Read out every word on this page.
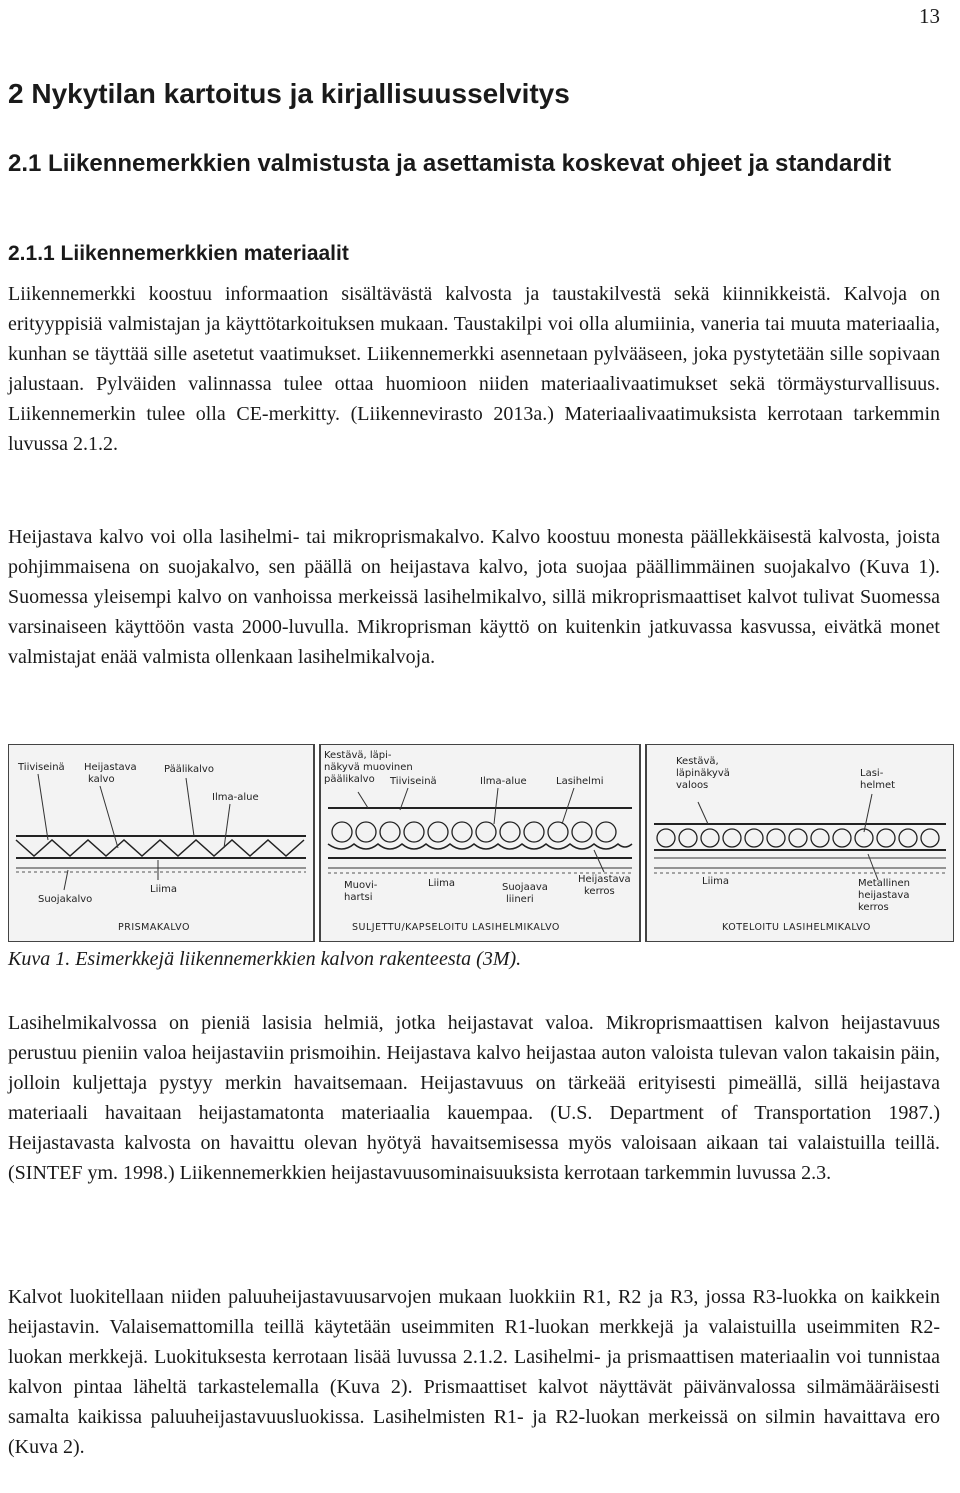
13
2 Nykytilan kartoitus ja kirjallisuusselvitys
2.1 Liikennemerkkien valmistusta ja asettamista koskevat ohjeet ja standardit
2.1.1 Liikennemerkkien materiaalit

Liikennemerkki koostuu informaation sisältävästä kalvosta ja taustakilvestä sekä kiinnikkeistä. Kalvoja on erityyppisiä valmistajan ja käyttötarkoituksen mukaan. Taustakilpi voi olla alumiinia, vaneria tai muuta materiaalia, kunhan se täyttää sille asetetut vaatimukset. Liikennemerkki asennetaan pylvääseen, joka pystytetään sille sopivaan jalustaan. Pylväiden valinnassa tulee ottaa huomioon niiden materiaalivaatimukset sekä törmäysturvallisuus. Liikennemerkin tulee olla CE-merkitty. (Liikennevirasto 2013a.) Materiaalivaatimuksista kerrotaan tarkemmin luvussa 2.1.2.

Heijastava kalvo voi olla lasihelmi- tai mikroprismakalvo. Kalvo koostuu monesta päällekkäisestä kalvosta, joista pohjimmaisena on suojakalvo, sen päällä on heijastava kalvo, jota suojaa päällimmäinen suojakalvo (Kuva 1). Suomessa yleisempi kalvo on vanhoissa merkeissä lasihelmikalvo, sillä mikroprismaattiset kalvot tulivat Suomessa varsinaiseen käyttöön vasta 2000-luvulla. Mikroprisman käyttö on kuitenkin jatkuvassa kasvussa, eivätkä monet valmistajat enää valmista ollenkaan lasihelmikalvoja.

Tiiviseinä Heijastava
kalvo
Päälikalvo
Ilma-alue
Liima
Suojakalvo
PRISMAKALVO
Kestävä, läpi-
näkyvä muovinen
päälikalvo Tiiviseinä	Ilma-alue	Lasihelmi
Heijastava
kerros
Muovi-
hartsi
Liima	Suojaava
liineri
SULJETTU/KAPSELOITU LASIHELMIKALVO
Kestävä,
läpinäkyvä
valoos
Lasi-
helmet
Liima	Metallinen
heijastava
kerros
KOTELOITU LASIHELMIKALVO

Kuva 1. Esimerkkejä liikennemerkkien kalvon rakenteesta (3M).

Lasihelmikalvossa on pieniä lasisia helmiä, jotka heijastavat valoa. Mikroprismaattisen kalvon heijastavuus perustuu pieniin valoa heijastaviin prismoihin. Heijastava kalvo heijastaa auton valoista tulevan valon takaisin päin, jolloin kuljettaja pystyy merkin havaitsemaan. Heijastavuus on tärkeää erityisesti pimeällä, sillä heijastava materiaali havaitaan heijastamatonta materiaalia kauempaa. (U.S. Department of Transportation 1987.) Heijastavasta kalvosta on havaittu olevan hyötyä havaitsemisessa myös valoisaan aikaan tai valaistuilla teillä. (SINTEF ym. 1998.) Liikennemerkkien heijastavuusominaisuuksista kerrotaan tarkemmin luvussa 2.3.

Kalvot luokitellaan niiden paluuheijastavuusarvojen mukaan luokkiin R1, R2 ja R3, jossa R3-luokka on kaikkein heijastavin. Valaisemattomilla teillä käytetään useimmiten R1-luokan merkkejä ja valaistuilla useimmiten R2-luokan merkkejä. Luokituksesta kerrotaan lisää luvussa 2.1.2. Lasihelmi- ja prismaattisen materiaalin voi tunnistaa kalvon pintaa läheltä tarkastelemalla (Kuva 2). Prismaattiset kalvot näyttävät päivänvalossa silmämääräisesti samalta kaikissa paluuheijastavuusluokissa. Lasihelmisten R1- ja R2-luokan merkeissä on silmin havaittava ero (Kuva 2).
